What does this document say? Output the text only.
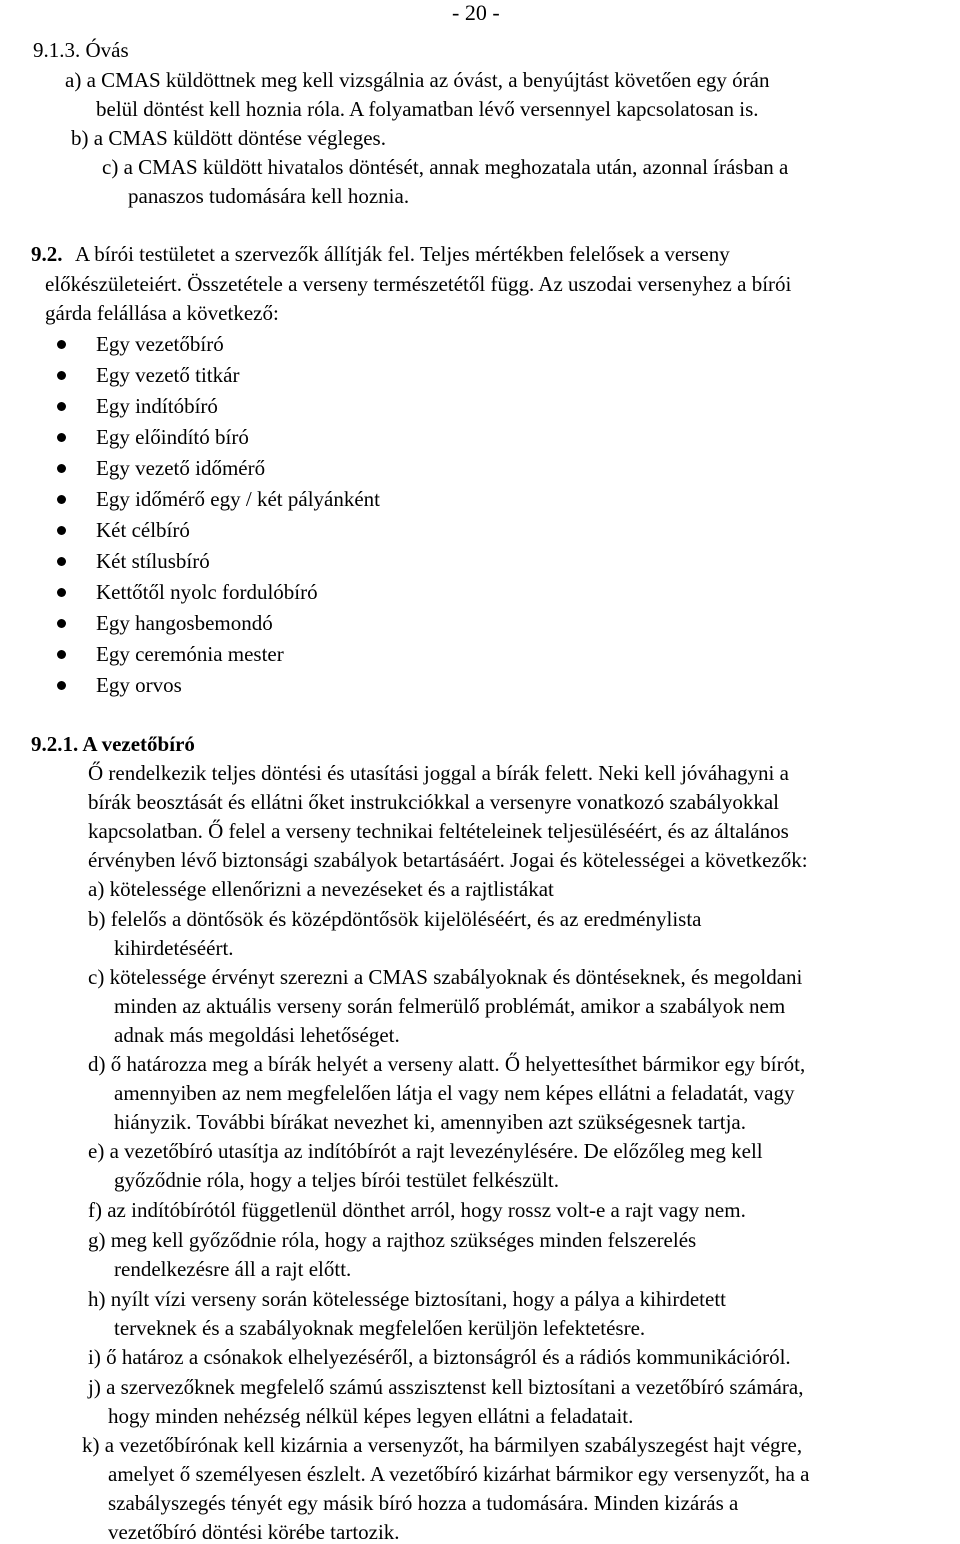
- 20 -
9.1.3. Óvás
a) a CMAS küldöttnek meg kell vizsgálnia az óvást, a benyújtást követően egy órán
belül döntést kell hoznia róla. A folyamatban lévő versennyel kapcsolatosan is.
b) a CMAS küldött döntése végleges.
c) a CMAS küldött hivatalos döntését, annak meghozatala után, azonnal írásban a
panaszos tudomására kell hoznia.
9.2. A bírói testületet a szervezők állítják fel. Teljes mértékben felelősek a verseny
előkészületeiért. Összetétele a verseny természetétől függ. Az uszodai versenyhez a bírói
gárda felállása a következő:
Egy vezetőbíró
Egy vezető titkár
Egy indítóbíró
Egy előindító bíró
Egy vezető időmérő
Egy időmérő egy / két pályánként
Két célbíró
Két stílusbíró
Kettőtől nyolc fordulóbíró
Egy hangosbemondó
Egy ceremónia mester
Egy orvos
9.2.1. A vezetőbíró
Ő rendelkezik teljes döntési és utasítási joggal a bírák felett. Neki kell jóváhagyni a
bírák beosztását és ellátni őket instrukciókkal a versenyre vonatkozó szabályokkal
kapcsolatban. Ő felel a verseny technikai feltételeinek teljesüléséért, és az általános
érvényben lévő biztonsági szabályok betartásáért. Jogai és kötelességei a következők:
a) kötelessége ellenőrizni a nevezéseket és a rajtlistákat
b) felelős a döntősök és középdöntősök kijelöléséért, és az eredménylista
kihirdetéséért.
c) kötelessége érvényt szerezni a CMAS szabályoknak és döntéseknek, és megoldani
minden az aktuális verseny során felmerülő problémát, amikor a szabályok nem
adnak más megoldási lehetőséget.
d) ő határozza meg a bírák helyét a verseny alatt. Ő helyettesíthet bármikor egy bírót,
amennyiben az nem megfelelően látja el vagy nem képes ellátni a feladatát, vagy
hiányzik. További bírákat nevezhet ki, amennyiben azt szükségesnek tartja.
e) a vezetőbíró utasítja az indítóbírót a rajt levezénylésére. De előzőleg meg kell
győződnie róla, hogy a teljes bírói testület felkészült.
f) az indítóbírótól függetlenül dönthet arról, hogy rossz volt-e a rajt vagy nem.
g) meg kell győződnie róla, hogy a rajthoz szükséges minden felszerelés
rendelkezésre áll a rajt előtt.
h) nyílt vízi verseny során kötelessége biztosítani, hogy a pálya a kihirdetett
terveknek és a szabályoknak megfelelően kerüljön lefektetésre.
i) ő határoz a csónakok elhelyezéséről, a biztonságról és a rádiós kommunikációról.
j) a szervezőknek megfelelő számú asszisztenst kell biztosítani a vezetőbíró számára,
hogy minden nehézség nélkül képes legyen ellátni a feladatait.
k) a vezetőbírónak kell kizárnia a versenyzőt, ha bármilyen szabályszegést hajt végre,
amelyet ő személyesen észlelt. A vezetőbíró kizárhat bármikor egy versenyzőt, ha a
szabályszegés tényét egy másik bíró hozza a tudomására. Minden kizárás a
vezetőbíró döntési körébe tartozik.
